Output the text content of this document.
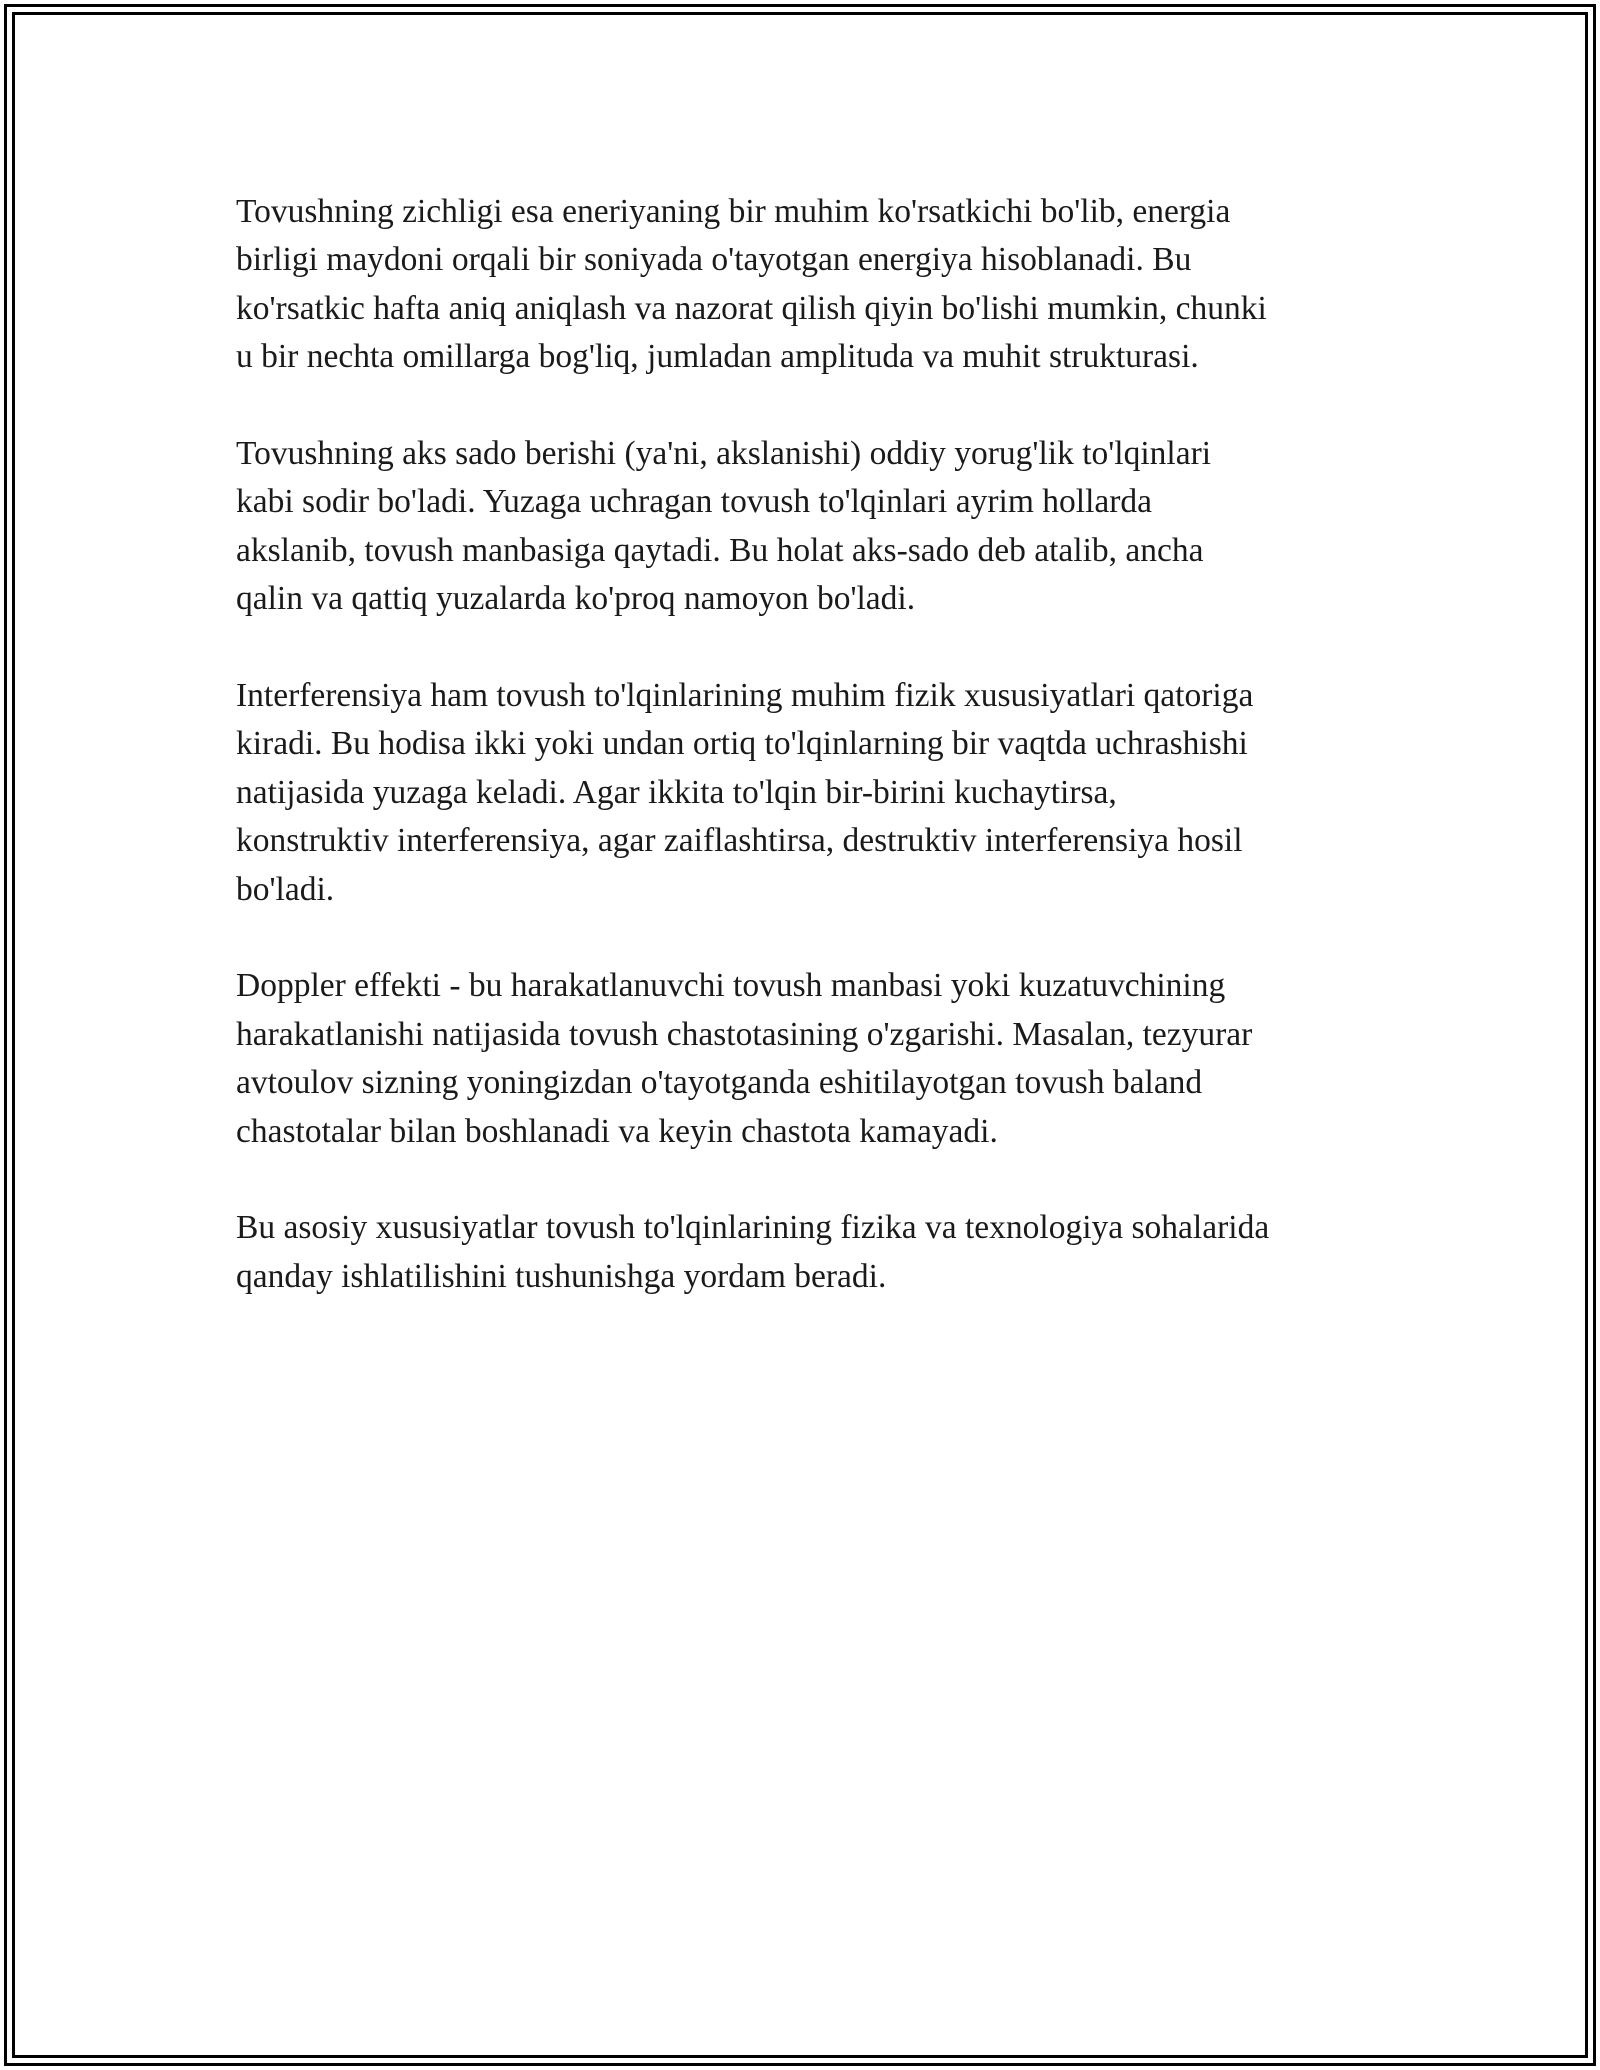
Tovushning zichligi esa eneriyaning bir muhim ko'rsatkichi bo'lib, energia
birligi maydoni orqali bir soniyada o'tayotgan energiya hisoblanadi. Bu
ko'rsatkic hafta aniq aniqlash va nazorat qilish qiyin bo'lishi mumkin, chunki
u bir nechta omillarga bog'liq, jumladan amplituda va muhit strukturasi.

Tovushning aks sado berishi (ya'ni, akslanishi) oddiy yorug'lik to'lqinlari
kabi sodir bo'ladi. Yuzaga uchragan tovush to'lqinlari ayrim hollarda
akslanib, tovush manbasiga qaytadi. Bu holat aks-sado deb atalib, ancha
qalin va qattiq yuzalarda ko'proq namoyon bo'ladi.

Interferensiya ham tovush to'lqinlarining muhim fizik xususiyatlari qatoriga
kiradi. Bu hodisa ikki yoki undan ortiq to'lqinlarning bir vaqtda uchrashishi
natijasida yuzaga keladi. Agar ikkita to'lqin bir-birini kuchaytirsa,
konstruktiv interferensiya, agar zaiflashtirsa, destruktiv interferensiya hosil
bo'ladi.

Doppler effekti - bu harakatlanuvchi tovush manbasi yoki kuzatuvchining
harakatlanishi natijasida tovush chastotasining o'zgarishi. Masalan, tezyurar
avtoulov sizning yoningizdan o'tayotganda eshitilayotgan tovush baland
chastotalar bilan boshlanadi va keyin chastota kamayadi.

Bu asosiy xususiyatlar tovush to'lqinlarining fizika va texnologiya sohalarida
qanday ishlatilishini tushunishga yordam beradi.
